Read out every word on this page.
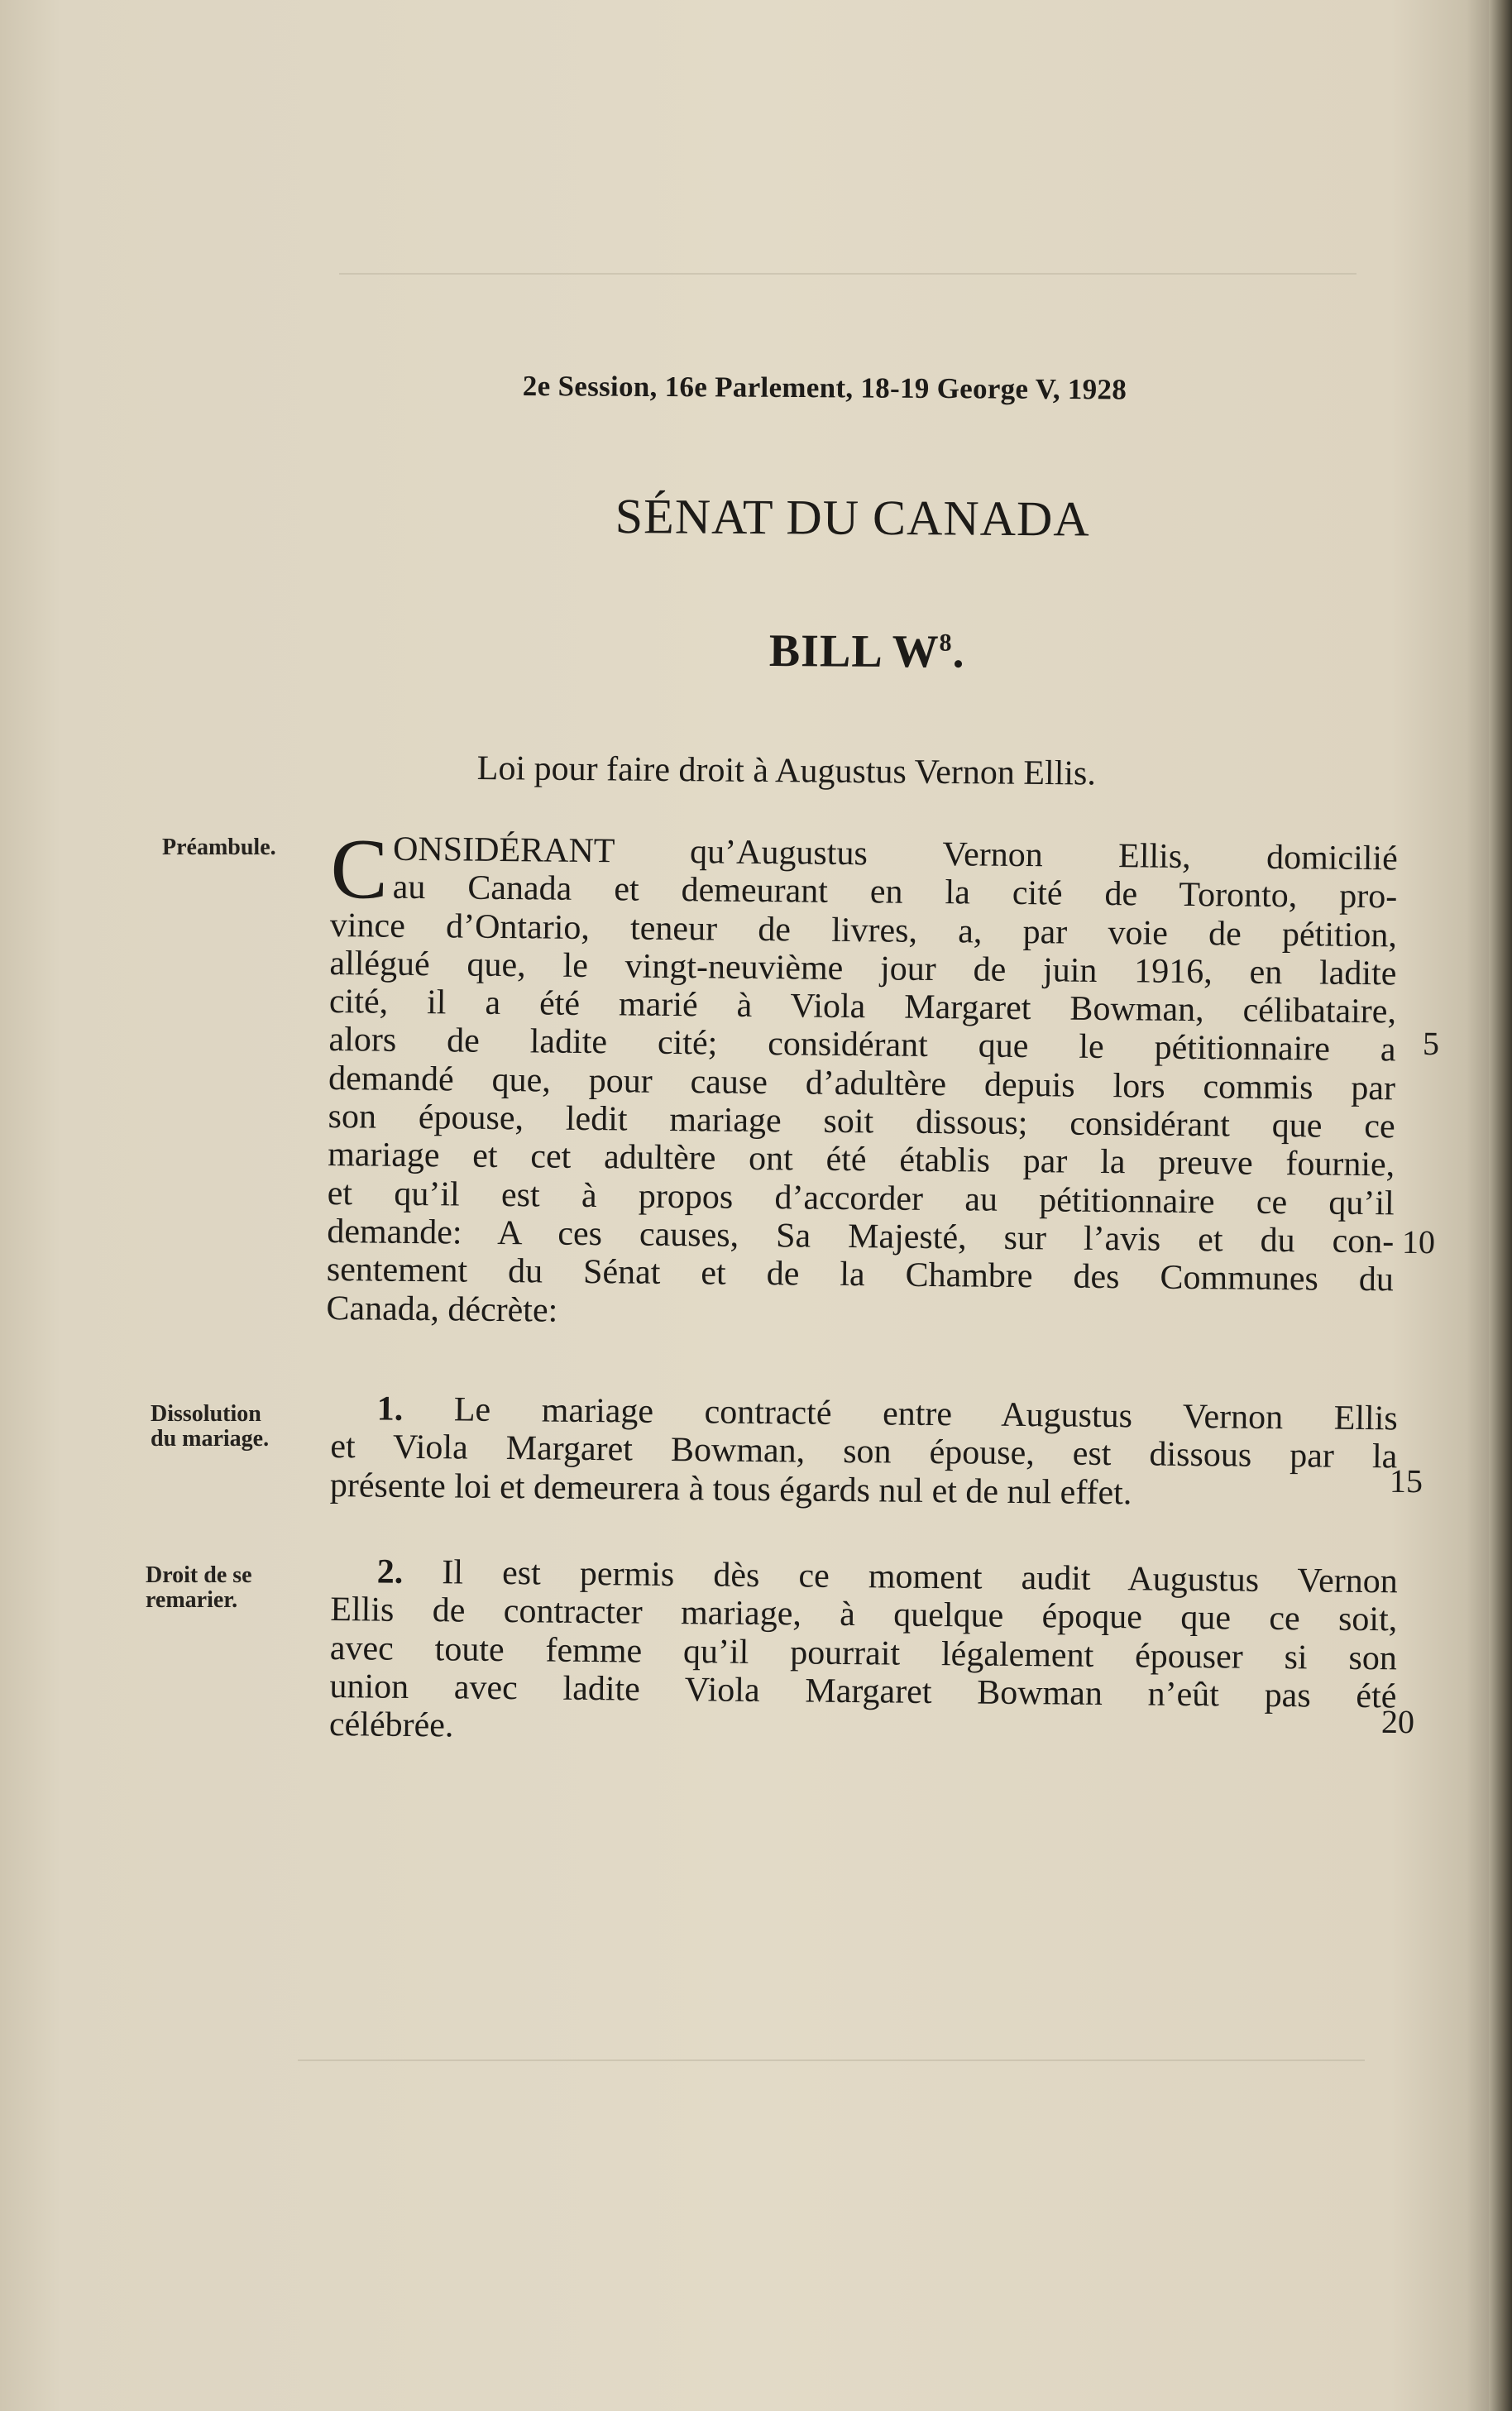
2e Session, 16e Parlement, 18-19 George V, 1928
SÉNAT DU CANADA
BILL $W^8$.
Loi pour faire droit à Augustus Vernon Ellis.
Préambule. C ONSIDÉRANT qu’Augustus Vernon Ellis, domicilié
au Canada et demeurant en la cité de Toronto, pro-
vince d’Ontario, teneur de livres, a, par voie de pétition,
allégué que, le vingt-neuvième jour de juin 1916, en ladite
cité, il a été marié à Viola Margaret Bowman, célibataire,
alors de ladite cité; considérant que le pétitionnaire a
demandé que, pour cause d’adultère depuis lors commis par
son épouse, ledit mariage soit dissous; considérant que ce
mariage et cet adultère ont été établis par la preuve fournie,
et qu’il est à propos d’accorder au pétitionnaire ce qu’il
demande: A ces causes, Sa Majesté, sur l’avis et du con-
sentement du Sénat et de la Chambre des Communes du
Canada, décrète:
Dissolution
du mariage.
1. Le mariage contracté entre Augustus Vernon Ellis
et Viola Margaret Bowman, son épouse, est dissous par la
présente loi et demeurera à tous égards nul et de nul effet.
Droit de se
remarier.
2. Il est permis dès ce moment audit Augustus Vernon
Ellis de contracter mariage, à quelque époque que ce soit,
avec toute femme qu’il pourrait légalement épouser si son
union avec ladite Viola Margaret Bowman n’eût pas été
célébrée.
5
10
15
20
